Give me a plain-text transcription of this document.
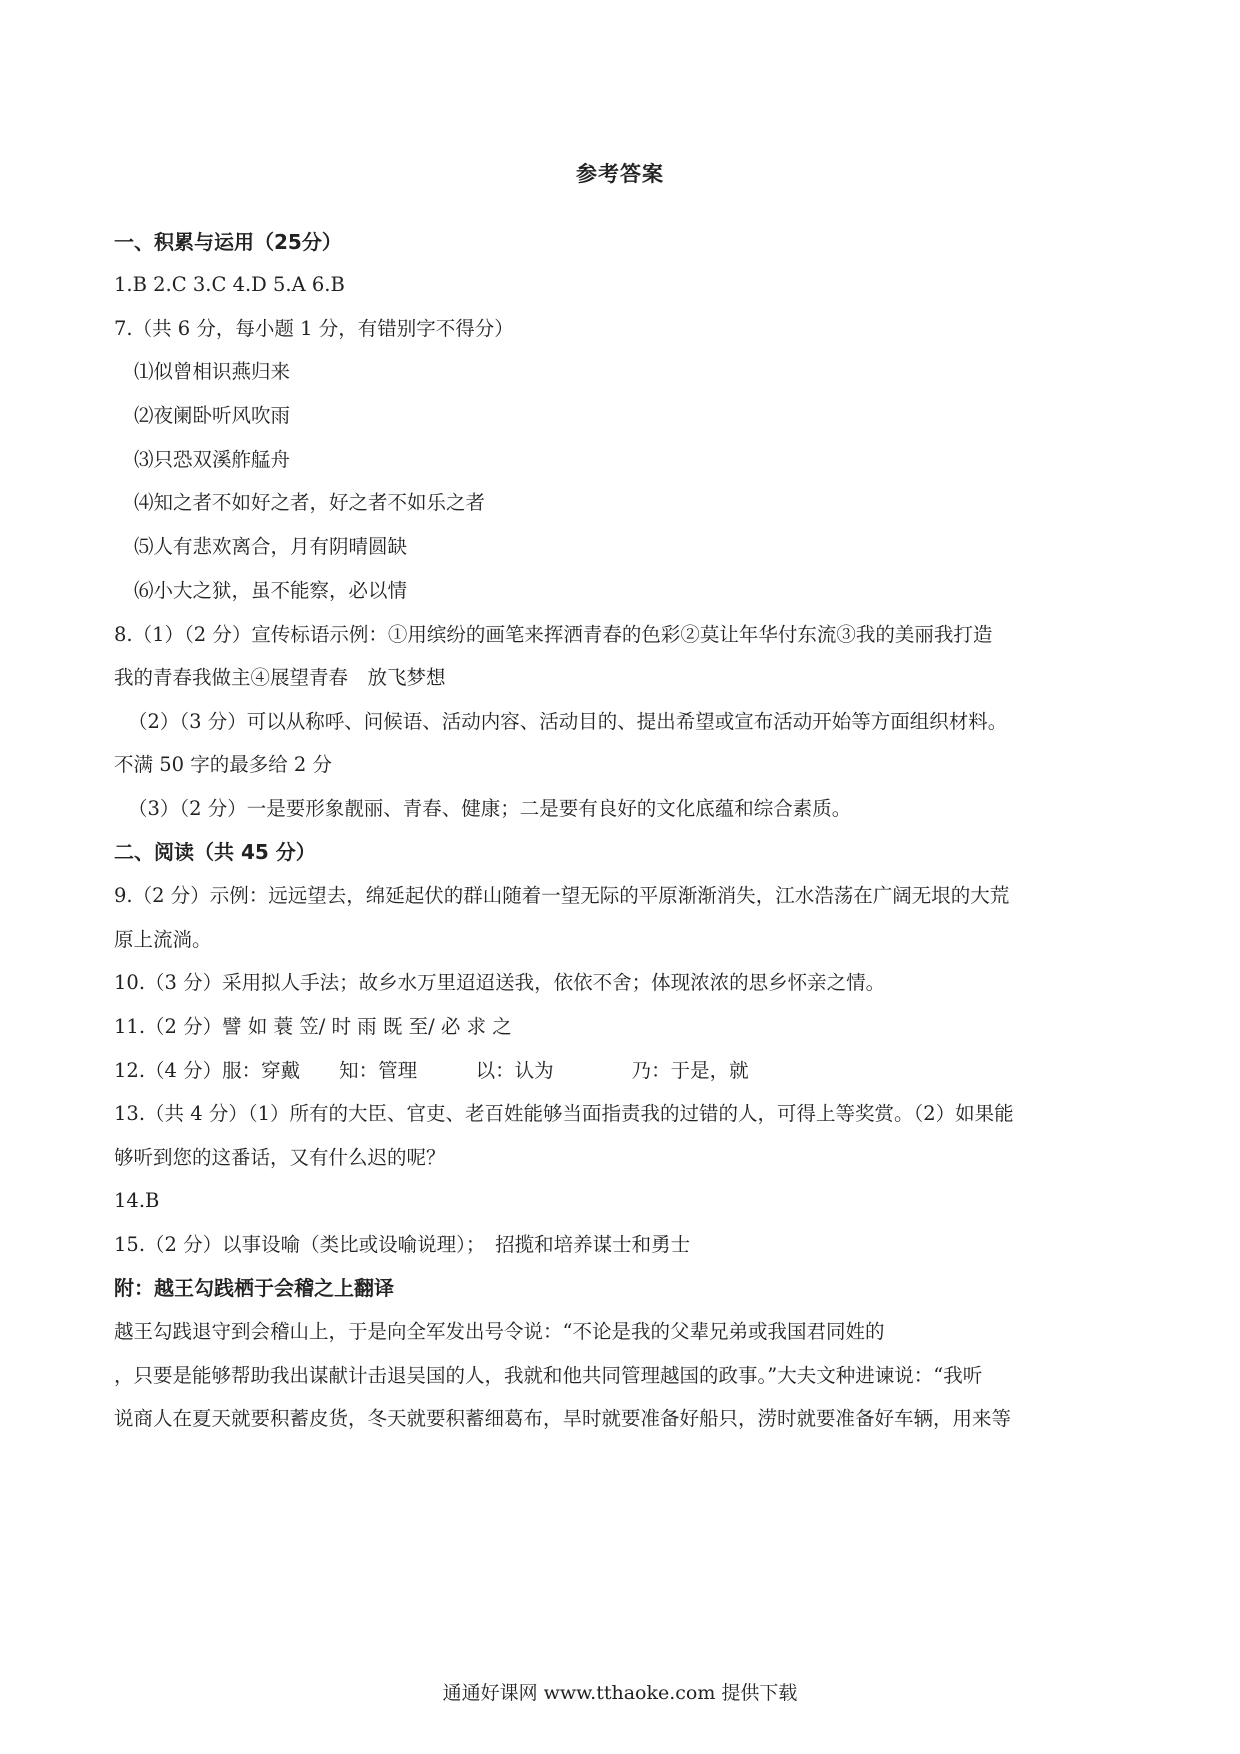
参考答案
一、积累与运用（25分）
1.B 2.C 3.C 4.D 5.A 6.B
7.（共 6 分，每小题 1 分，有错别字不得分）
⑴似曾相识燕归来
⑵夜阑卧听风吹雨
⑶只恐双溪舴艋舟
⑷知之者不如好之者，好之者不如乐之者
⑸人有悲欢离合，月有阴晴圆缺
⑹小大之狱，虽不能察，必以情
8.（1）（2 分）宣传标语示例：①用缤纷的画笔来挥洒青春的色彩②莫让年华付东流③我的美丽我打造
我的青春我做主④展望青春　放飞梦想
（2）（3 分）可以从称呼、问候语、活动内容、活动目的、提出希望或宣布活动开始等方面组织材料。
不满 50 字的最多给 2 分
（3）（2 分）一是要形象靓丽、青春、健康；二是要有良好的文化底蕴和综合素质。
二、阅读（共 45 分）
9.（2 分）示例：远远望去，绵延起伏的群山随着一望无际的平原渐渐消失，江水浩荡在广阔无垠的大荒
原上流淌。
10.（3 分）采用拟人手法；故乡水万里迢迢送我，依依不舍；体现浓浓的思乡怀亲之情。
11.（2 分）譬 如 蓑 笠/ 时 雨 既 至/ 必 求 之
12.（4 分）服：穿戴　　知：管理　　　以：认为　　　　乃：于是，就
13.（共 4 分）（1）所有的大臣、官吏、老百姓能够当面指责我的过错的人，可得上等奖赏。（2）如果能
够听到您的这番话，又有什么迟的呢？
14.B
15.（2 分）以事设喻（类比或设喻说理）；　招揽和培养谋士和勇士
附：越王勾践栖于会稽之上翻译
越王勾践退守到会稽山上，于是向全军发出号令说：“不论是我的父辈兄弟或我国君同姓的
，只要是能够帮助我出谋献计击退吴国的人，我就和他共同管理越国的政事。”大夫文种进谏说：“我听
说商人在夏天就要积蓄皮货，冬天就要积蓄细葛布，旱时就要准备好船只，涝时就要准备好车辆，用来等
通通好课网 www.tthaoke.com 提供下载
